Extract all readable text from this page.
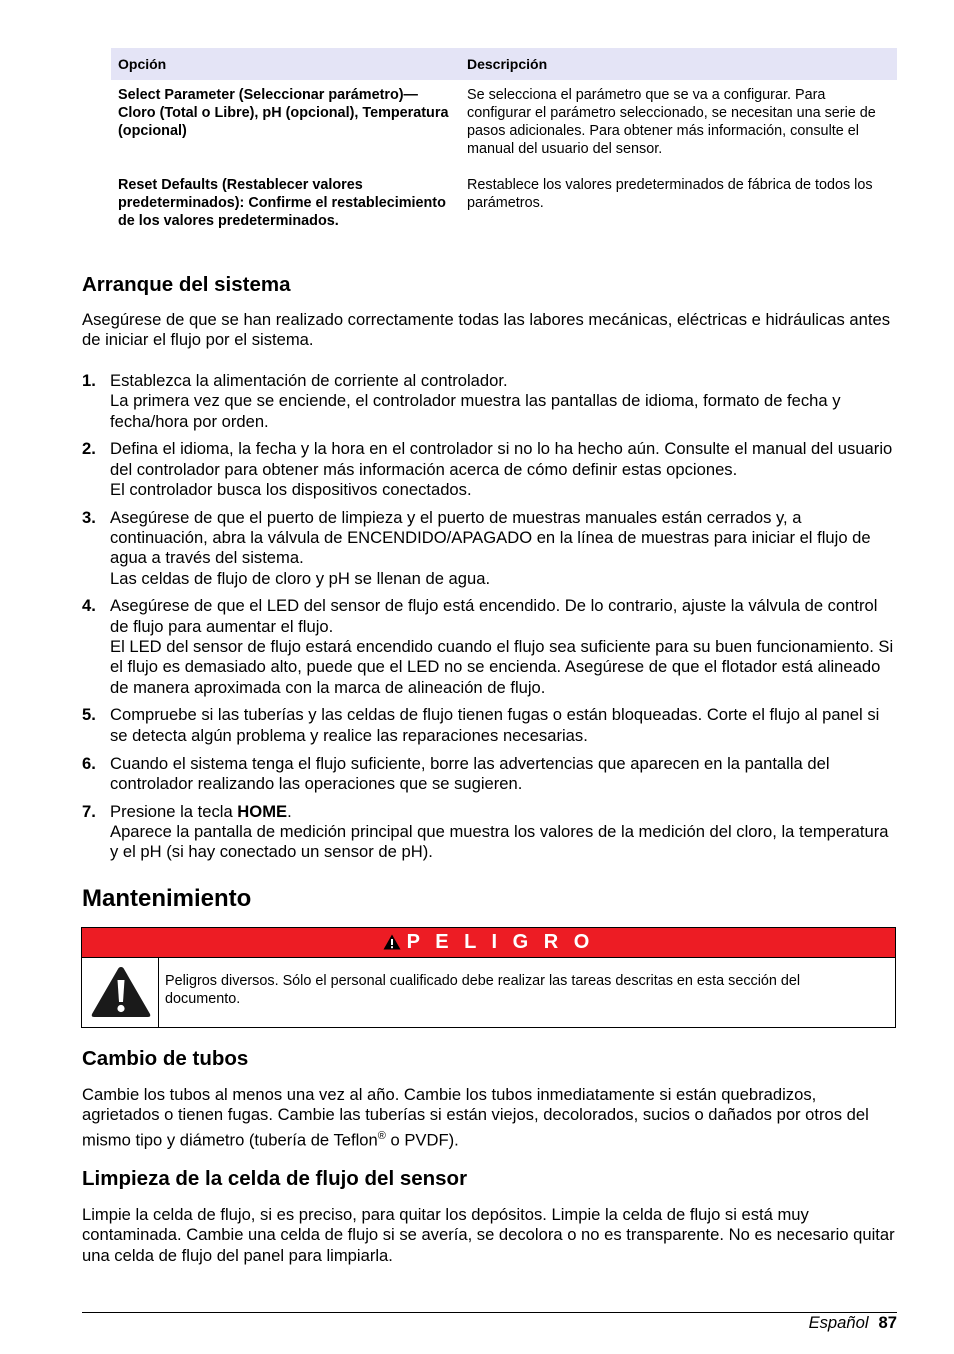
Opción	Descripción
Select Parameter (Seleccionar parámetro)—Cloro (Total o Libre), pH (opcional), Temperatura (opcional)	Se selecciona el parámetro que se va a configurar. Para configurar el parámetro seleccionado, se necesitan una serie de pasos adicionales. Para obtener más información, consulte el manual del usuario del sensor.
Reset Defaults (Restablecer valores predeterminados): Confirme el restablecimiento de los valores predeterminados.	Restablece los valores predeterminados de fábrica de todos los parámetros.
Arranque del sistema

Asegúrese de que se han realizado correctamente todas las labores mecánicas, eléctricas e hidráulicas antes de iniciar el flujo por el sistema.

1. Establezca la alimentación de corriente al controlador.
La primera vez que se enciende, el controlador muestra las pantallas de idioma, formato de fecha y fecha/hora por orden.
2. Defina el idioma, la fecha y la hora en el controlador si no lo ha hecho aún. Consulte el manual del usuario del controlador para obtener más información acerca de cómo definir estas opciones.
El controlador busca los dispositivos conectados.
3. Asegúrese de que el puerto de limpieza y el puerto de muestras manuales están cerrados y, a continuación, abra la válvula de ENCENDIDO/APAGADO en la línea de muestras para iniciar el flujo de agua a través del sistema.
Las celdas de flujo de cloro y pH se llenan de agua.
4. Asegúrese de que el LED del sensor de flujo está encendido. De lo contrario, ajuste la válvula de control de flujo para aumentar el flujo.
El LED del sensor de flujo estará encendido cuando el flujo sea suficiente para su buen funcionamiento. Si el flujo es demasiado alto, puede que el LED no se encienda. Asegúrese de que el flotador está alineado de manera aproximada con la marca de alineación de flujo.
5. Compruebe si las tuberías y las celdas de flujo tienen fugas o están bloqueadas. Corte el flujo al panel si se detecta algún problema y realice las reparaciones necesarias.
6. Cuando el sistema tenga el flujo suficiente, borre las advertencias que aparecen en la pantalla del controlador realizando las operaciones que se sugieren.
7. Presione la tecla HOME.
Aparece la pantalla de medición principal que muestra los valores de la medición del cloro, la temperatura y el pH (si hay conectado un sensor de pH).
Mantenimiento
P E L I G R O
Peligros diversos. Sólo el personal cualificado debe realizar las tareas descritas en esta sección del documento.
Cambio de tubos

Cambie los tubos al menos una vez al año. Cambie los tubos inmediatamente si están quebradizos, agrietados o tienen fugas. Cambie las tuberías si están viejos, decolorados, sucios o dañados por otros del mismo tipo y diámetro (tubería de Teflon® o PVDF).

Limpieza de la celda de flujo del sensor

Limpie la celda de flujo, si es preciso, para quitar los depósitos. Limpie la celda de flujo si está muy contaminada. Cambie una celda de flujo si se avería, se decolora o no es transparente. No es necesario quitar una celda de flujo del panel para limpiarla.

Español 87
